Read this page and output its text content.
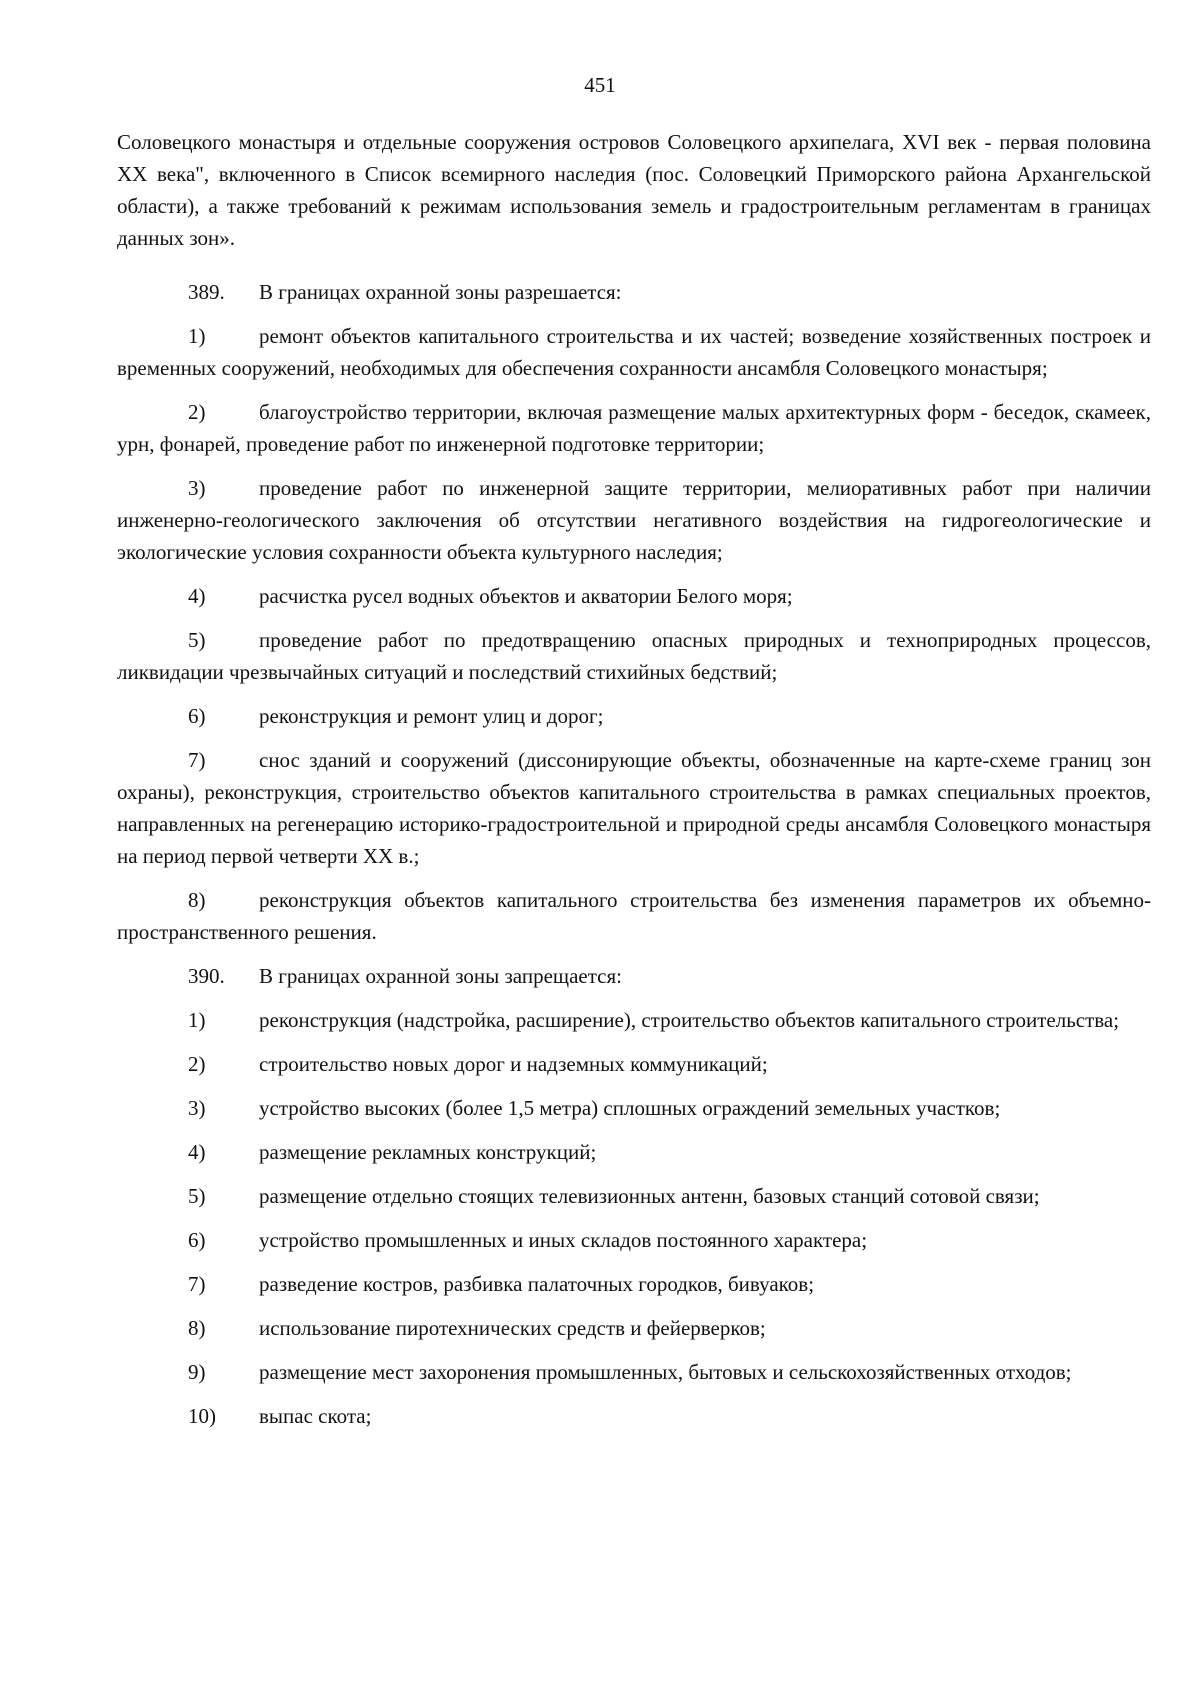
451

Соловецкого монастыря и отдельные сооружения островов Соловецкого архипелага, XVI век - первая половина XX века", включенного в Список всемирного наследия (пос. Соловецкий Приморского района Архангельской области), а также требований к режимам использования земель и градостроительным регламентам в границах данных зон».

389. В границах охранной зоны разрешается:

1)	ремонт объектов капитального строительства и их частей; возведение хозяйственных построек и временных сооружений, необходимых для обеспечения сохранности ансамбля Соловецкого монастыря;

2)	благоустройство территории, включая размещение малых архитектурных форм - беседок, скамеек, урн, фонарей, проведение работ по инженерной подготовке территории;

3)	проведение работ по инженерной защите территории, мелиоративных работ при наличии инженерно-геологического заключения об отсутствии негативного воздействия на гидрогеологические и экологические условия сохранности объекта культурного наследия;

4)	расчистка русел водных объектов и акватории Белого моря;

5)	проведение работ по предотвращению опасных природных и техноприродных процессов, ликвидации чрезвычайных ситуаций и последствий стихийных бедствий;

6)	реконструкция и ремонт улиц и дорог;

7)	снос зданий и сооружений (диссонирующие объекты, обозначенные на карте-схеме границ зон охраны), реконструкция, строительство объектов капитального строительства в рамках специальных проектов, направленных на регенерацию историко-градостроительной и природной среды ансамбля Соловецкого монастыря на период первой четверти XX в.;

8)	реконструкция объектов капитального строительства без изменения параметров их объемно-пространственного решения.

390. В границах охранной зоны запрещается:

1)	реконструкция (надстройка, расширение), строительство объектов капитального строительства;

2)	строительство новых дорог и надземных коммуникаций;

3)	устройство высоких (более 1,5 метра) сплошных ограждений земельных участков;

4)	размещение рекламных конструкций;

5)	размещение отдельно стоящих телевизионных антенн, базовых станций сотовой связи;

6)	устройство промышленных и иных складов постоянного характера;

7)	разведение костров, разбивка палаточных городков, бивуаков;

8)	использование пиротехнических средств и фейерверков;

9)	размещение мест захоронения промышленных, бытовых и сельскохозяйственных отходов;

10) выпас скота;
